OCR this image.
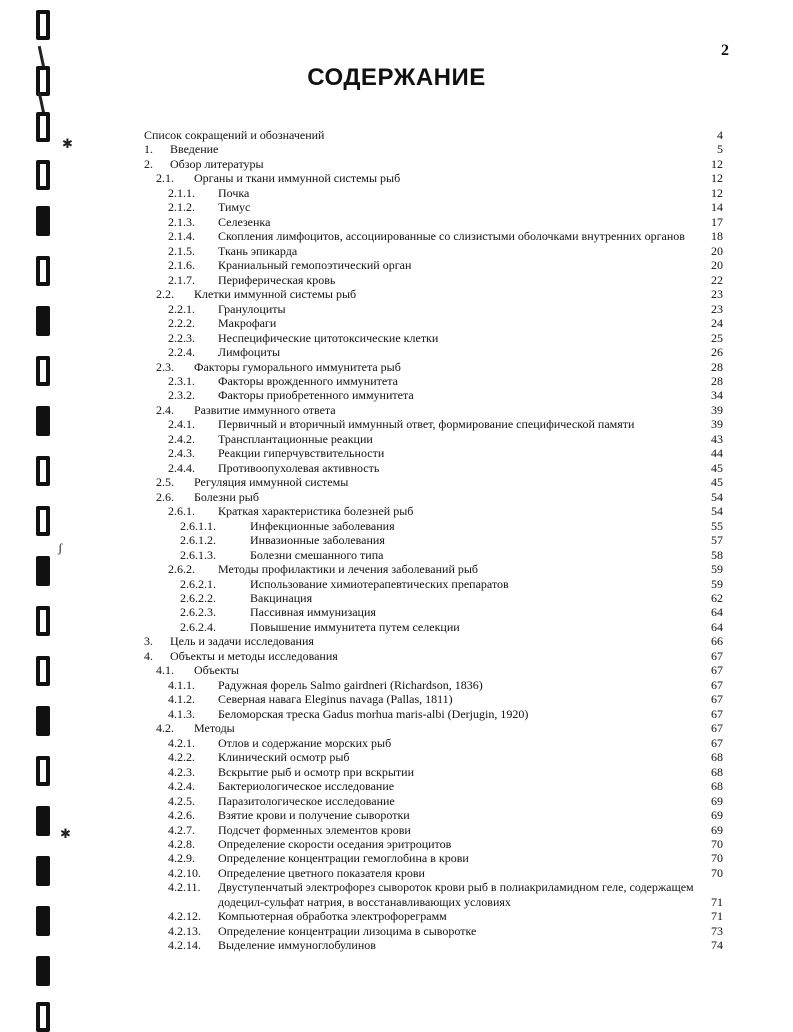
✱
ʃ
✱
2
СОДЕРЖАНИЕ
Список сокращений и обозначений	4
1.	Введение	5
2.	Обзор литературы	12
2.1.	Органы и ткани иммунной системы рыб	12
2.1.1.	Почка	12
2.1.2.	Тимус	14
2.1.3.	Селезенка	17
2.1.4.	Скопления лимфоцитов, ассоциированные со слизистыми оболочками внутренних органов	18
2.1.5.	Ткань эпикарда	20
2.1.6.	Краниальный гемопоэтический орган	20
2.1.7.	Периферическая кровь	22
2.2.	Клетки иммунной системы рыб	23
2.2.1.	Гранулоциты	23
2.2.2.	Макрофаги	24
2.2.3.	Неспецифические цитотоксические клетки	25
2.2.4.	Лимфоциты	26
2.3.	Факторы гуморального иммунитета рыб	28
2.3.1.	Факторы врожденного иммунитета	28
2.3.2.	Факторы приобретенного иммунитета	34
2.4.	Развитие иммунного ответа	39
2.4.1.	Первичный и вторичный иммунный ответ, формирование специфической памяти	39
2.4.2.	Трансплантационные реакции	43
2.4.3.	Реакции гиперчувствительности	44
2.4.4.	Противоопухолевая активность	45
2.5.	Регуляция иммунной системы	45
2.6.	Болезни рыб	54
2.6.1.	Краткая характеристика болезней рыб	54
2.6.1.1.	Инфекционные заболевания	55
2.6.1.2.	Инвазионные заболевания	57
2.6.1.3.	Болезни смешанного типа	58
2.6.2.	Методы профилактики и лечения заболеваний рыб	59
2.6.2.1.	Использование химиотерапевтических препаратов	59
2.6.2.2.	Вакцинация	62
2.6.2.3.	Пассивная иммунизация	64
2.6.2.4.	Повышение иммунитета путем селекции	64
3.	Цель и задачи исследования	66
4.	Объекты и методы исследования	67
4.1.	Объекты	67
4.1.1.	Радужная форель Salmo gairdneri (Richardson, 1836)	67
4.1.2.	Северная навага Eleginus navaga (Pallas, 1811)	67
4.1.3.	Беломорская треска Gadus morhua maris-albi (Derjugin, 1920)	67
4.2.	Методы	67
4.2.1.	Отлов и содержание морских рыб	67
4.2.2.	Клинический осмотр рыб	68
4.2.3.	Вскрытие рыб и осмотр при вскрытии	68
4.2.4.	Бактериологическое исследование	68
4.2.5.	Паразитологическое исследование	69
4.2.6.	Взятие крови и получение сыворотки	69
4.2.7.	Подсчет форменных элементов крови	69
4.2.8.	Определение скорости оседания эритроцитов	70
4.2.9.	Определение концентрации гемоглобина в крови	70
4.2.10.	Определение цветного показателя крови	70
4.2.11.	Двуступенчатый электрофорез сывороток крови рыб в полиакриламидном геле, содержащем додецил-сульфат натрия, в восстанавливающих условиях	71
4.2.12.	Компьютерная обработка электрофореграмм	71
4.2.13.	Определение концентрации лизоцима в сыворотке	73
4.2.14.	Выделение иммуноглобулинов	74
